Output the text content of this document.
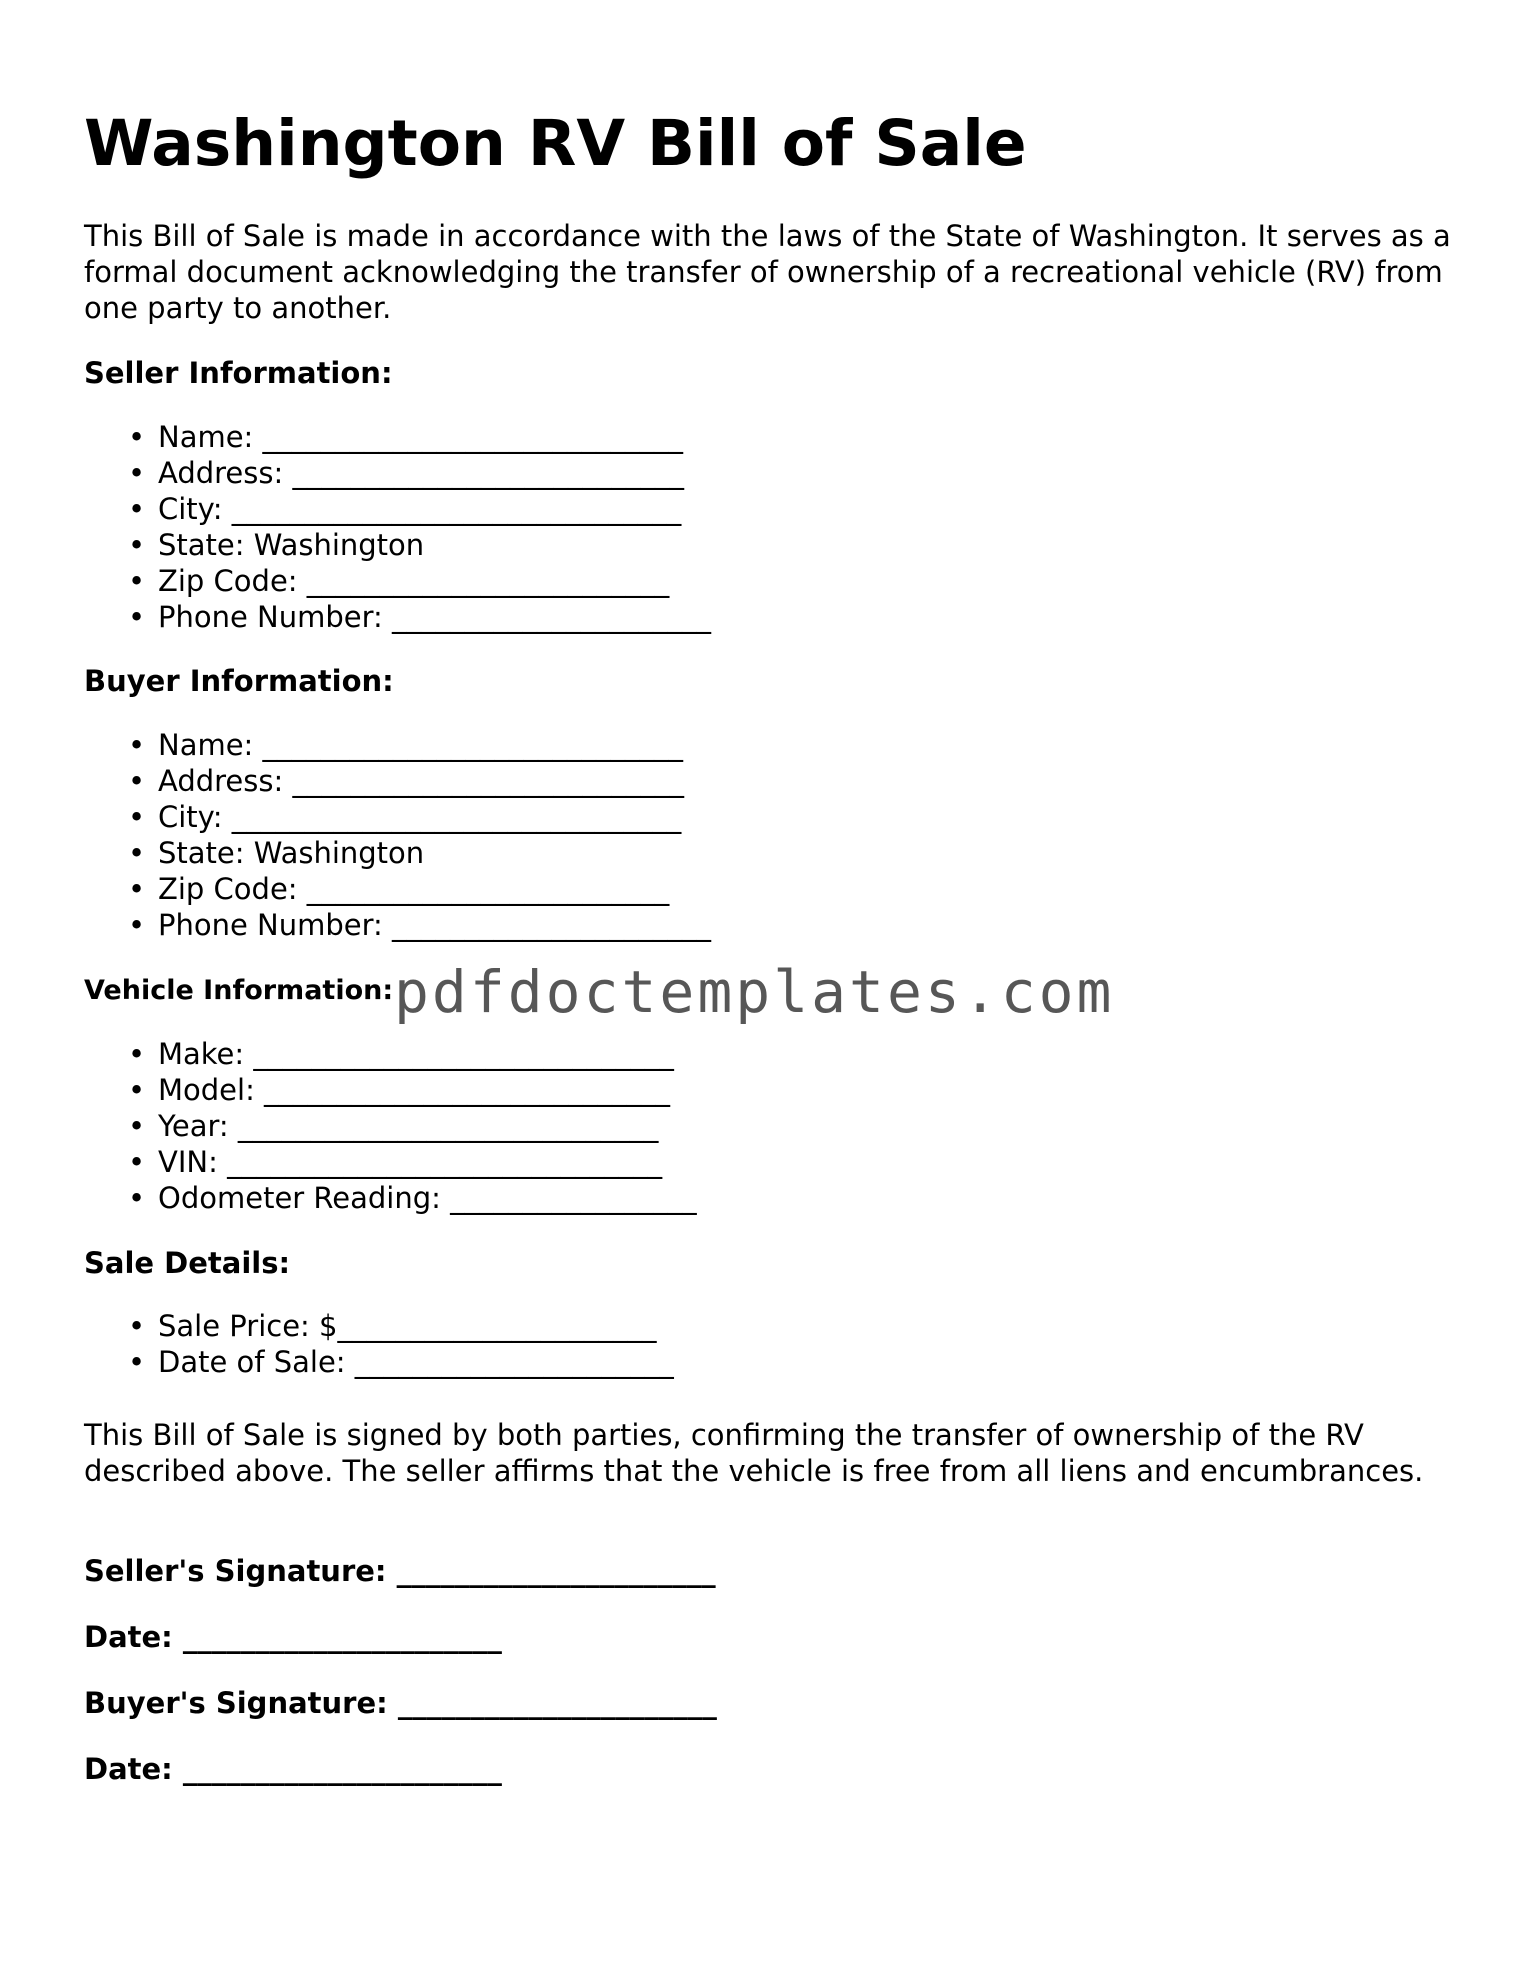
Washington RV Bill of Sale

This Bill of Sale is made in accordance with the laws of the State of Washington. It serves as a formal document acknowledging the transfer of ownership of a recreational vehicle (RV) from one party to another.

Seller Information:
• Name: _____________________________
• Address: ___________________________
• City: _______________________________
• State: Washington
• Zip Code: _________________________
• Phone Number: ______________________
Buyer Information:
• Name: _____________________________
• Address: ___________________________
• City: _______________________________
• State: Washington
• Zip Code: _________________________
• Phone Number: ______________________
Vehicle Information:
• Make: _____________________________
• Model: ____________________________
• Year: _____________________________
• VIN: ______________________________
• Odometer Reading: _________________
Sale Details:
• Sale Price: $______________________
• Date of Sale: ______________________

This Bill of Sale is signed by both parties, confirming the transfer of ownership of the RV described above. The seller affirms that the vehicle is free from all liens and encumbrances.

Seller's Signature: ______________________
Date: ______________________
Buyer's Signature: ______________________
Date: ______________________
pdfdoctemplates.com
